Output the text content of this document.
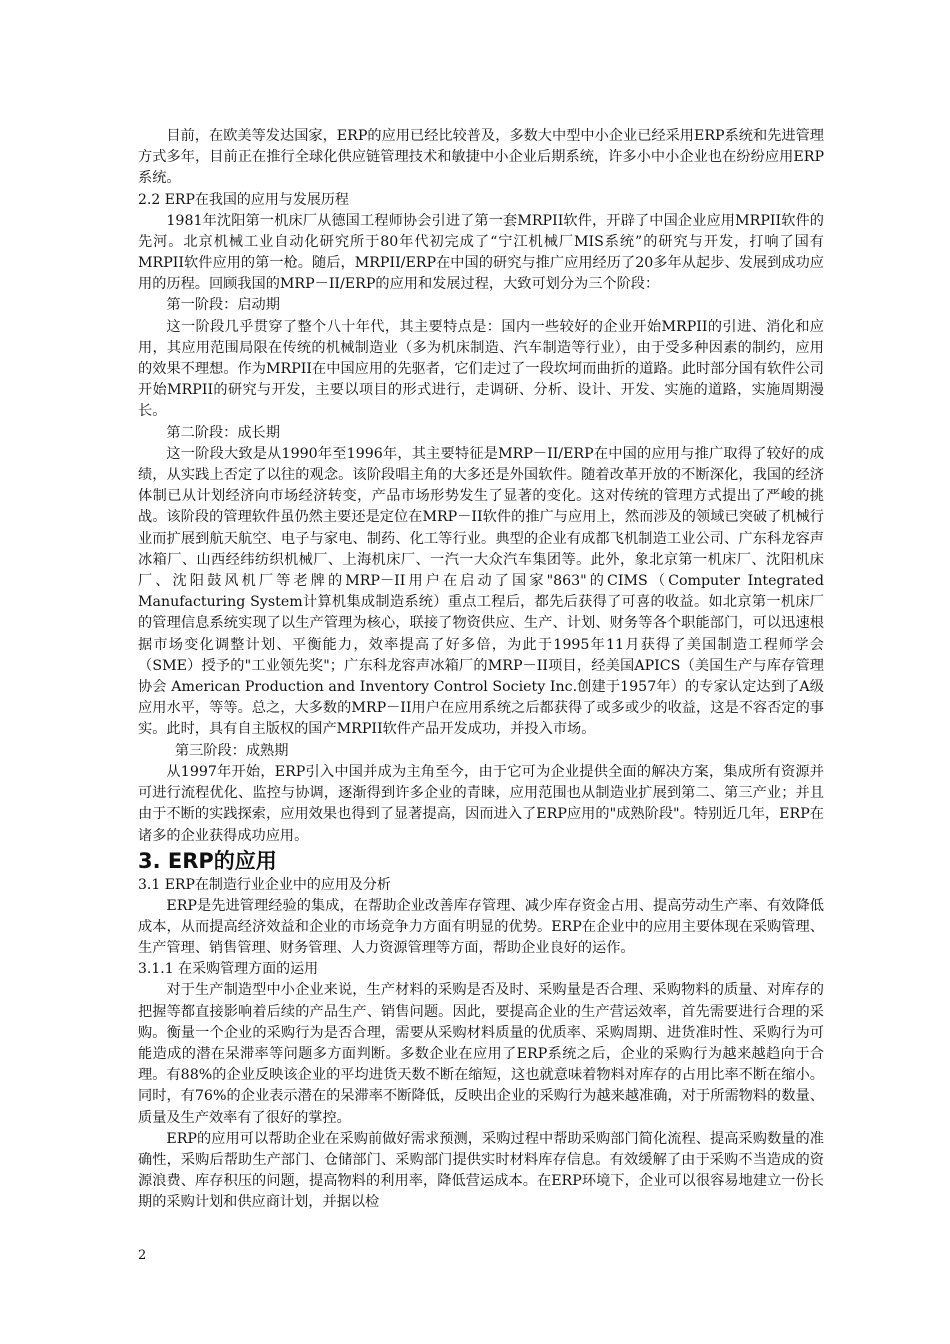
目前，在欧美等发达国家，ERP的应用已经比较普及，多数大中型中小企业已经采用ERP系统和先进管理方式多年，目前正在推行全球化供应链管理技术和敏捷中小企业后期系统，许多小中小企业也在纷纷应用ERP系统。

2.2 ERP在我国的应用与发展历程

1981年沈阳第一机床厂从德国工程师协会引进了第一套MRPII软件，开辟了中国企业应用MRPII软件的先河。北京机械工业自动化研究所于80年代初完成了“宁江机械厂MIS系统”的研究与开发，打响了国有MRPII软件应用的第一枪。随后，MRPII/ERP在中国的研究与推广应用经历了20多年从起步、发展到成功应用的历程。回顾我国的MRP－II/ERP的应用和发展过程，大致可划分为三个阶段：

第一阶段：启动期

这一阶段几乎贯穿了整个八十年代，其主要特点是：国内一些较好的企业开始MRPII的引进、消化和应用，其应用范围局限在传统的机械制造业（多为机床制造、汽车制造等行业），由于受多种因素的制约，应用的效果不理想。作为MRPII在中国应用的先驱者，它们走过了一段坎坷而曲折的道路。此时部分国有软件公司开始MRPII的研究与开发，主要以项目的形式进行，走调研、分析、设计、开发、实施的道路，实施周期漫长。

第二阶段：成长期

这一阶段大致是从1990年至1996年，其主要特征是MRP－II/ERP在中国的应用与推广取得了较好的成绩，从实践上否定了以往的观念。该阶段唱主角的大多还是外国软件。随着改革开放的不断深化，我国的经济体制已从计划经济向市场经济转变，产品市场形势发生了显著的变化。这对传统的管理方式提出了严峻的挑战。该阶段的管理软件虽仍然主要还是定位在MRP－II软件的推广与应用上，然而涉及的领域已突破了机械行业而扩展到航天航空、电子与家电、制药、化工等行业。典型的企业有成都飞机制造工业公司、广东科龙容声冰箱厂、山西经纬纺织机械厂、上海机床厂、一汽一大众汽车集团等。此外，象北京第一机床厂、沈阳机床厂、沈阳鼓风机厂等老牌的MRP－II用户在启动了国家"863"的CIMS（Computer Integrated Manufacturing System计算机集成制造系统）重点工程后，都先后获得了可喜的收益。如北京第一机床厂的管理信息系统实现了以生产管理为核心，联接了物资供应、生产、计划、财务等各个职能部门，可以迅速根据市场变化调整计划、平衡能力，效率提高了好多倍，为此于1995年11月获得了美国制造工程师学会（SME）授予的"工业领先奖"；广东科龙容声冰箱厂的MRP－II项目，经美国APICS（美国生产与库存管理协会 American Production and Inventory Control Society Inc.创建于1957年）的专家认定达到了A级应用水平，等等。总之，大多数的MRP－II用户在应用系统之后都获得了或多或少的收益，这是不容否定的事实。此时，具有自主版权的国产MRPII软件产品开发成功，并投入市场。

第三阶段：成熟期

从1997年开始，ERP引入中国并成为主角至今，由于它可为企业提供全面的解决方案，集成所有资源并可进行流程优化、监控与协调，逐渐得到许多企业的青睐，应用范围也从制造业扩展到第二、第三产业；并且由于不断的实践探索，应用效果也得到了显著提高，因而进入了ERP应用的"成熟阶段"。特别近几年，ERP在诸多的企业获得成功应用。

3. ERP的应用

3.1 ERP在制造行业企业中的应用及分析

ERP是先进管理经验的集成，在帮助企业改善库存管理、减少库存资金占用、提高劳动生产率、有效降低成本，从而提高经济效益和企业的市场竞争力方面有明显的优势。ERP在企业中的应用主要体现在采购管理、生产管理、销售管理、财务管理、人力资源管理等方面，帮助企业良好的运作。

3.1.1 在采购管理方面的运用

对于生产制造型中小企业来说，生产材料的采购是否及时、采购量是否合理、采购物料的质量、对库存的把握等都直接影响着后续的产品生产、销售问题。因此，要提高企业的生产营运效率，首先需要进行合理的采购。衡量一个企业的采购行为是否合理，需要从采购材料质量的优质率、采购周期、进货准时性、采购行为可能造成的潜在呆滞率等问题多方面判断。多数企业在应用了ERP系统之后，企业的采购行为越来越趋向于合理。有88%的企业反映该企业的平均进货天数不断在缩短，这也就意味着物料对库存的占用比率不断在缩小。同时，有76%的企业表示潜在的呆滞率不断降低，反映出企业的采购行为越来越准确，对于所需物料的数量、质量及生产效率有了很好的掌控。

ERP的应用可以帮助企业在采购前做好需求预测，采购过程中帮助采购部门简化流程、提高采购数量的准确性，采购后帮助生产部门、仓储部门、采购部门提供实时材料库存信息。有效缓解了由于采购不当造成的资源浪费、库存积压的问题，提高物料的利用率，降低营运成本。在ERP环境下，企业可以很容易地建立一份长期的采购计划和供应商计划，并据以检

2
